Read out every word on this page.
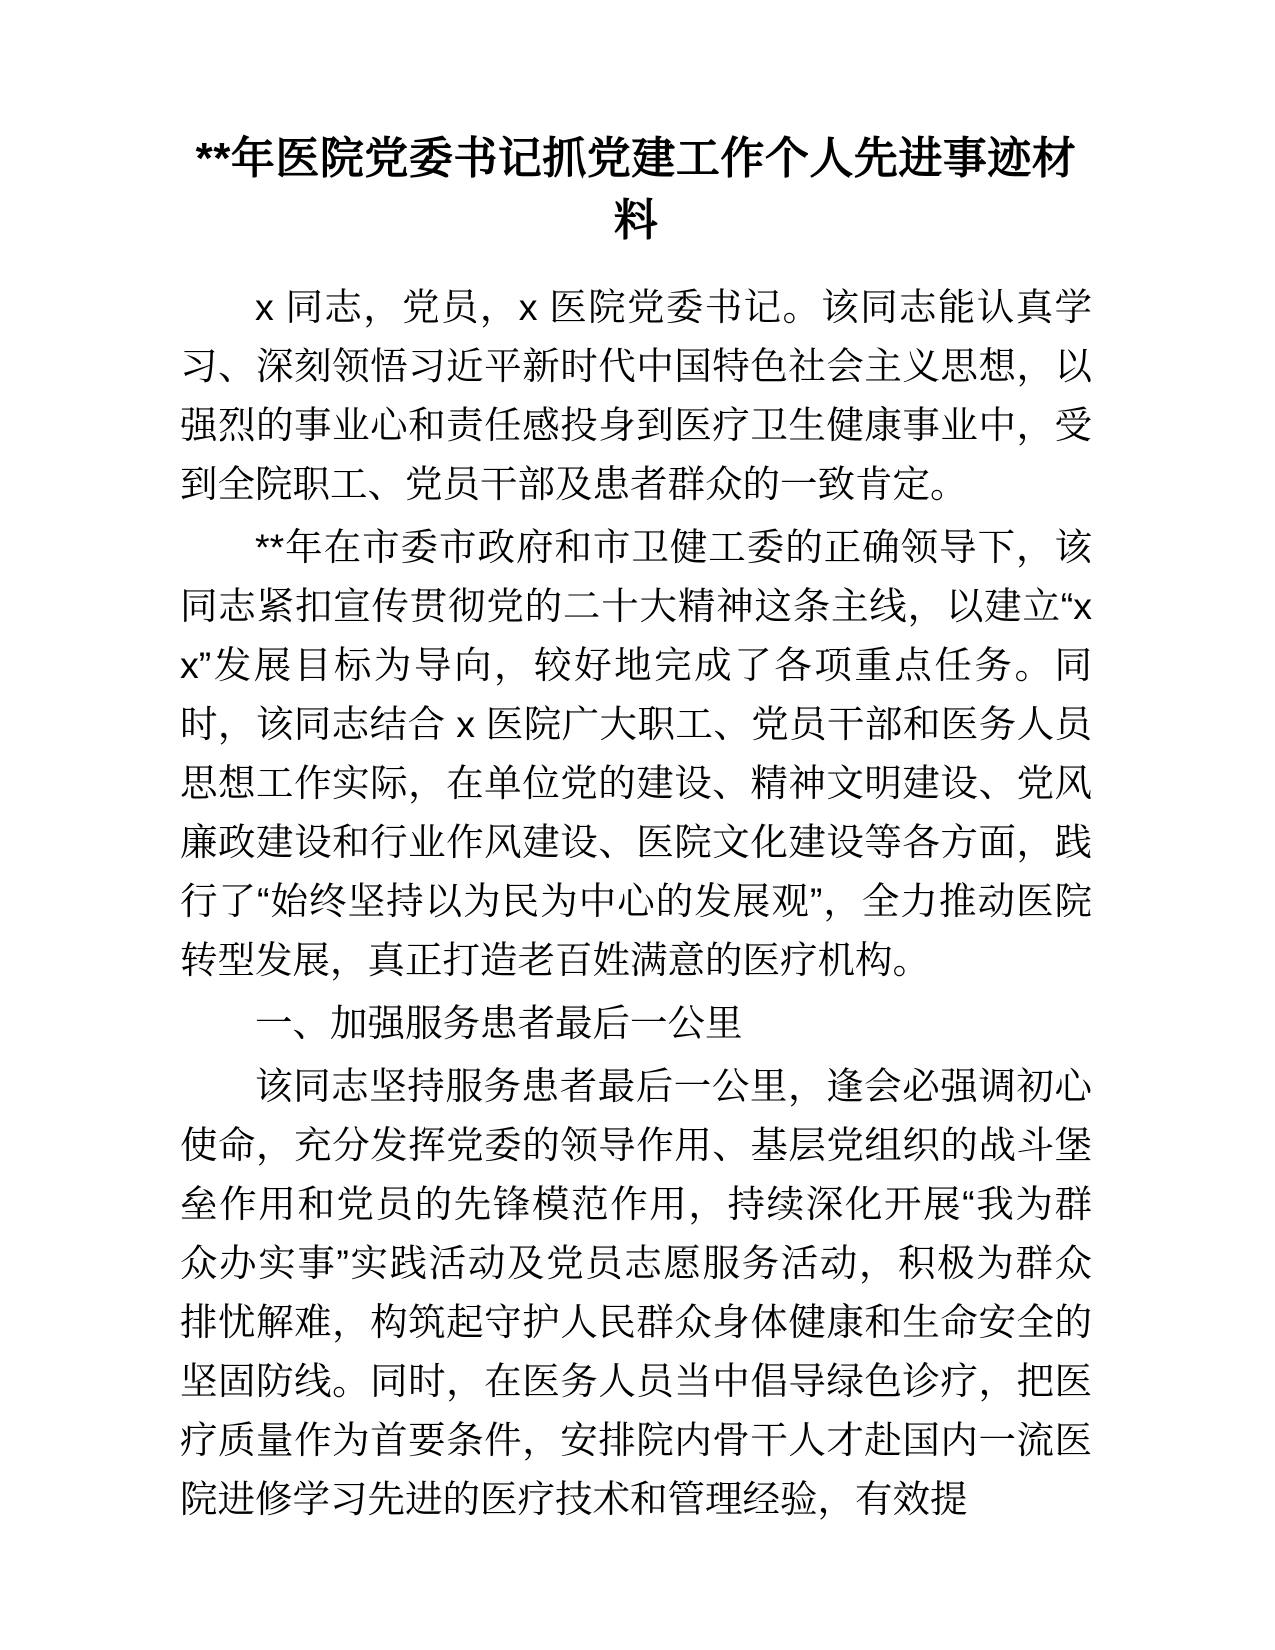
**年医院党委书记抓党建工作个人先进事迹材料

x 同志，党员，x 医院党委书记。该同志能认真学习、深刻领悟习近平新时代中国特色社会主义思想，以强烈的事业心和责任感投身到医疗卫生健康事业中，受到全院职工、党员干部及患者群众的一致肯定。

**年在市委市政府和市卫健工委的正确领导下，该同志紧扣宣传贯彻党的二十大精神这条主线，以建立“xx”发展目标为导向，较好地完成了各项重点任务。同时，该同志结合 x 医院广大职工、党员干部和医务人员思想工作实际，在单位党的建设、精神文明建设、党风廉政建设和行业作风建设、医院文化建设等各方面，践行了“始终坚持以为民为中心的发展观”，全力推动医院转型发展，真正打造老百姓满意的医疗机构。

一、加强服务患者最后一公里

该同志坚持服务患者最后一公里，逢会必强调初心使命，充分发挥党委的领导作用、基层党组织的战斗堡垒作用和党员的先锋模范作用，持续深化开展“我为群众办实事”实践活动及党员志愿服务活动，积极为群众排忧解难，构筑起守护人民群众身体健康和生命安全的坚固防线。同时，在医务人员当中倡导绿色诊疗，把医疗质量作为首要条件，安排院内骨干人才赴国内一流医院进修学习先进的医疗技术和管理经验，有效提
